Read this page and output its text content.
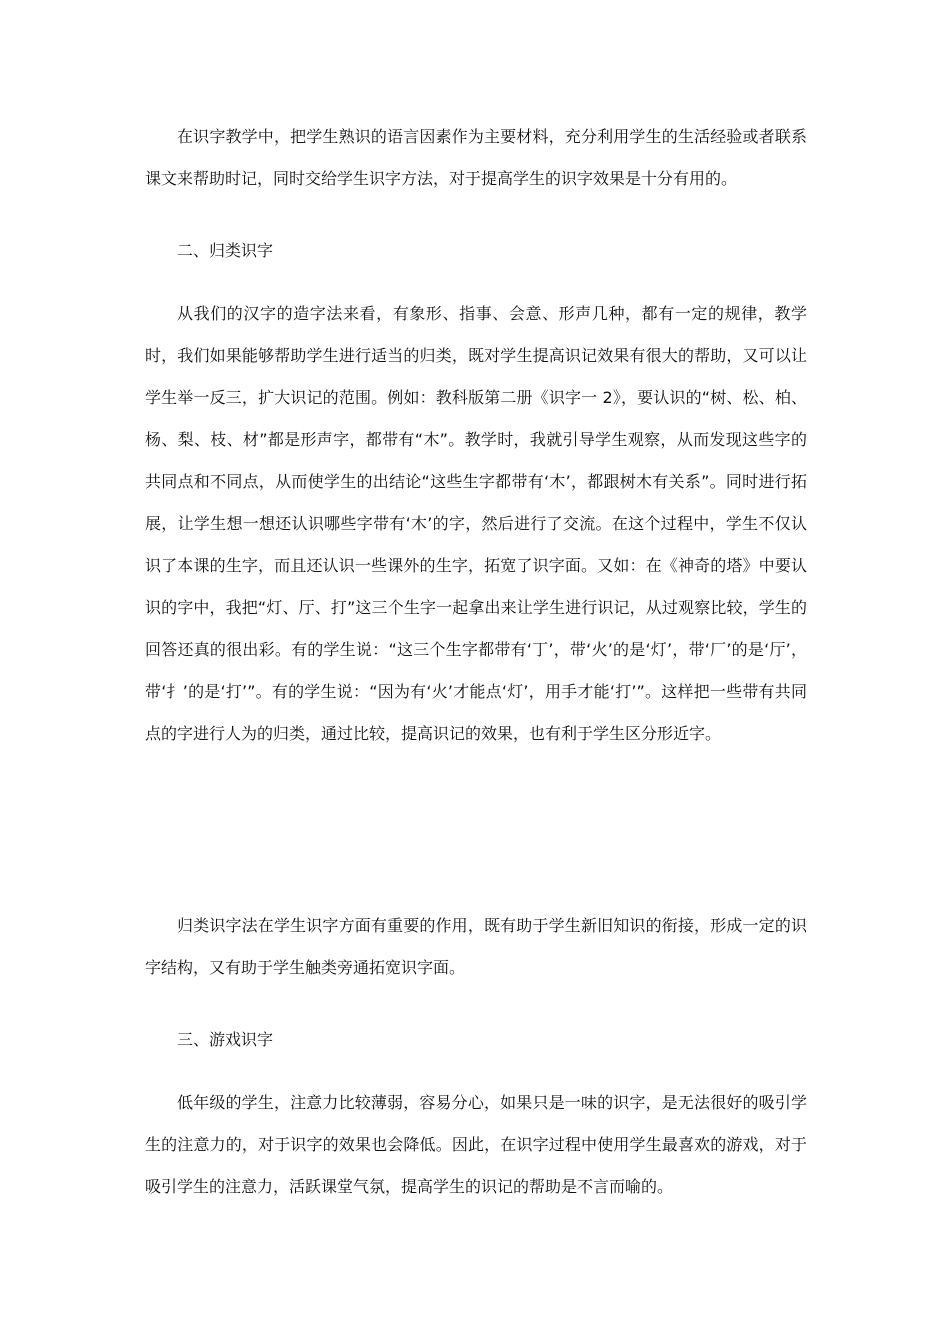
在识字教学中，把学生熟识的语言因素作为主要材料，充分利用学生的生活经验或者联系课文来帮助时记，同时交给学生识字方法，对于提高学生的识字效果是十分有用的。

二、归类识字

从我们的汉字的造字法来看，有象形、指事、会意、形声几种，都有一定的规律，教学时，我们如果能够帮助学生进行适当的归类，既对学生提高识记效果有很大的帮助，又可以让学生举一反三，扩大识记的范围。例如：教科版第二册《识字一 2》，要认识的“树、松、柏、杨、梨、枝、材”都是形声字，都带有“木”。教学时，我就引导学生观察，从而发现这些字的共同点和不同点，从而使学生的出结论“这些生字都带有‘木’，都跟树木有关系”。同时进行拓展，让学生想一想还认识哪些字带有‘木’的字，然后进行了交流。在这个过程中，学生不仅认识了本课的生字，而且还认识一些课外的生字，拓宽了识字面。又如：在《神奇的塔》中要认识的字中，我把“灯、厅、打”这三个生字一起拿出来让学生进行识记，从过观察比较，学生的回答还真的很出彩。有的学生说：“这三个生字都带有‘丁’，带‘火’的是‘灯’，带‘厂’的是‘厅’，带‘扌’的是‘打’”。有的学生说：“因为有‘火’才能点‘灯’，用手才能‘打’”。这样把一些带有共同点的字进行人为的归类，通过比较，提高识记的效果，也有利于学生区分形近字。

归类识字法在学生识字方面有重要的作用，既有助于学生新旧知识的衔接，形成一定的识字结构，又有助于学生触类旁通拓宽识字面。

三、游戏识字

低年级的学生，注意力比较薄弱，容易分心，如果只是一味的识字，是无法很好的吸引学生的注意力的，对于识字的效果也会降低。因此，在识字过程中使用学生最喜欢的游戏，对于吸引学生的注意力，活跃课堂气氛，提高学生的识记的帮助是不言而喻的。
